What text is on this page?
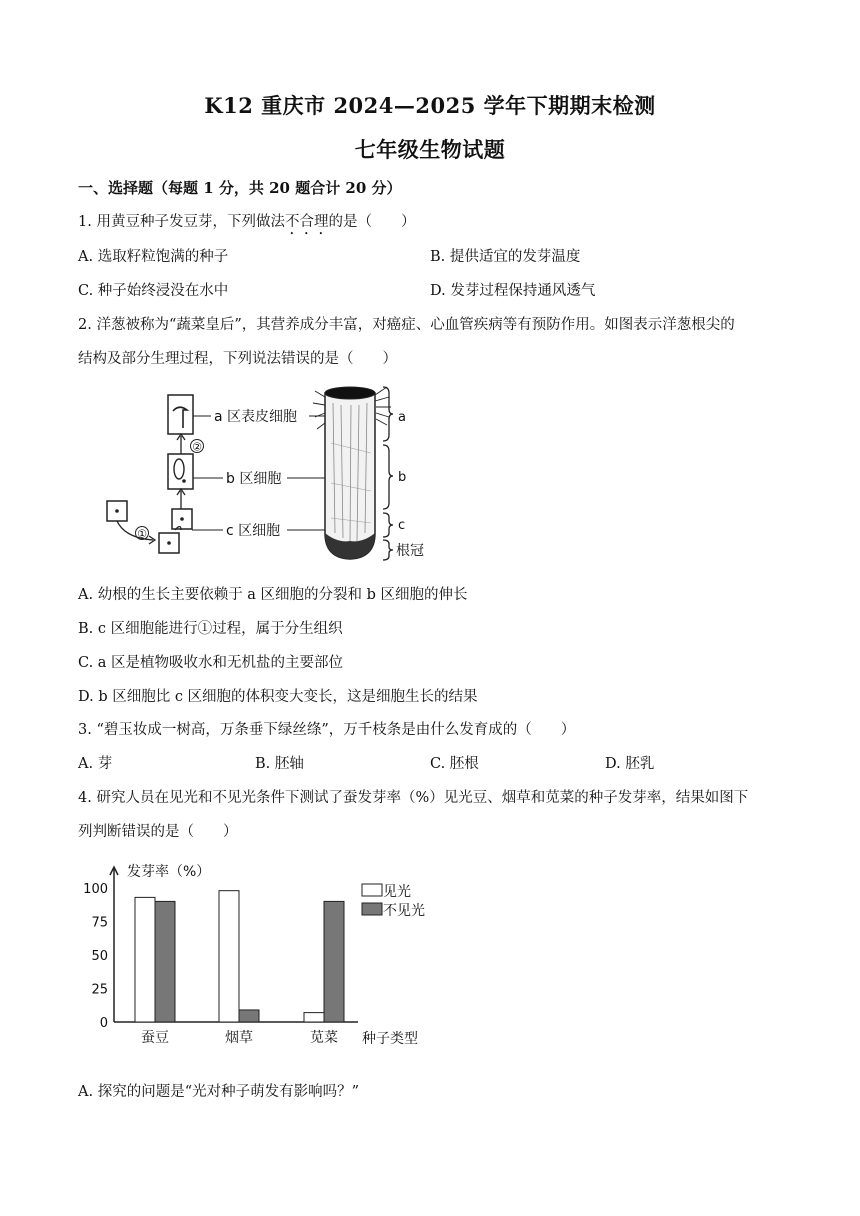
K12 重庆市 2024—2025 学年下期期末检测
七年级生物试题
一、选择题（每题 1 分，共 20 题合计 20 分）
1. 用黄豆种子发豆芽，下列做法不合理的是（　　）
A. 选取籽粒饱满的种子	B. 提供适宜的发芽温度
C. 种子始终浸没在水中	D. 发芽过程保持通风透气
2. 洋葱被称为“蔬菜皇后”，其营养成分丰富，对癌症、心血管疾病等有预防作用。如图表示洋葱根尖的
结构及部分生理过程，下列说法错误的是（　　）
②
①
a 区表皮细胞
b 区细胞
c 区细胞
a
b
c
根冠
A. 幼根的生长主要依赖于 a 区细胞的分裂和 b 区细胞的伸长
B. c 区细胞能进行①过程，属于分生组织
C. a 区是植物吸收水和无机盐的主要部位
D. b 区细胞比 c 区细胞的体积变大变长，这是细胞生长的结果
3. “碧玉妆成一树高，万条垂下绿丝绦”，万千枝条是由什么发育成的（　　）
A. 芽	B. 胚轴	C. 胚根	D. 胚乳
4. 研究人员在见光和不见光条件下测试了蚕发芽率（%）见光豆、烟草和苋菜的种子发芽率，结果如图下
列判断错误的是（　　）
发芽率（%）
种子类型
0
25
50
75
100
蚕豆	烟草	苋菜
见光
不见光
A. 探究的问题是“光对种子萌发有影响吗？”
